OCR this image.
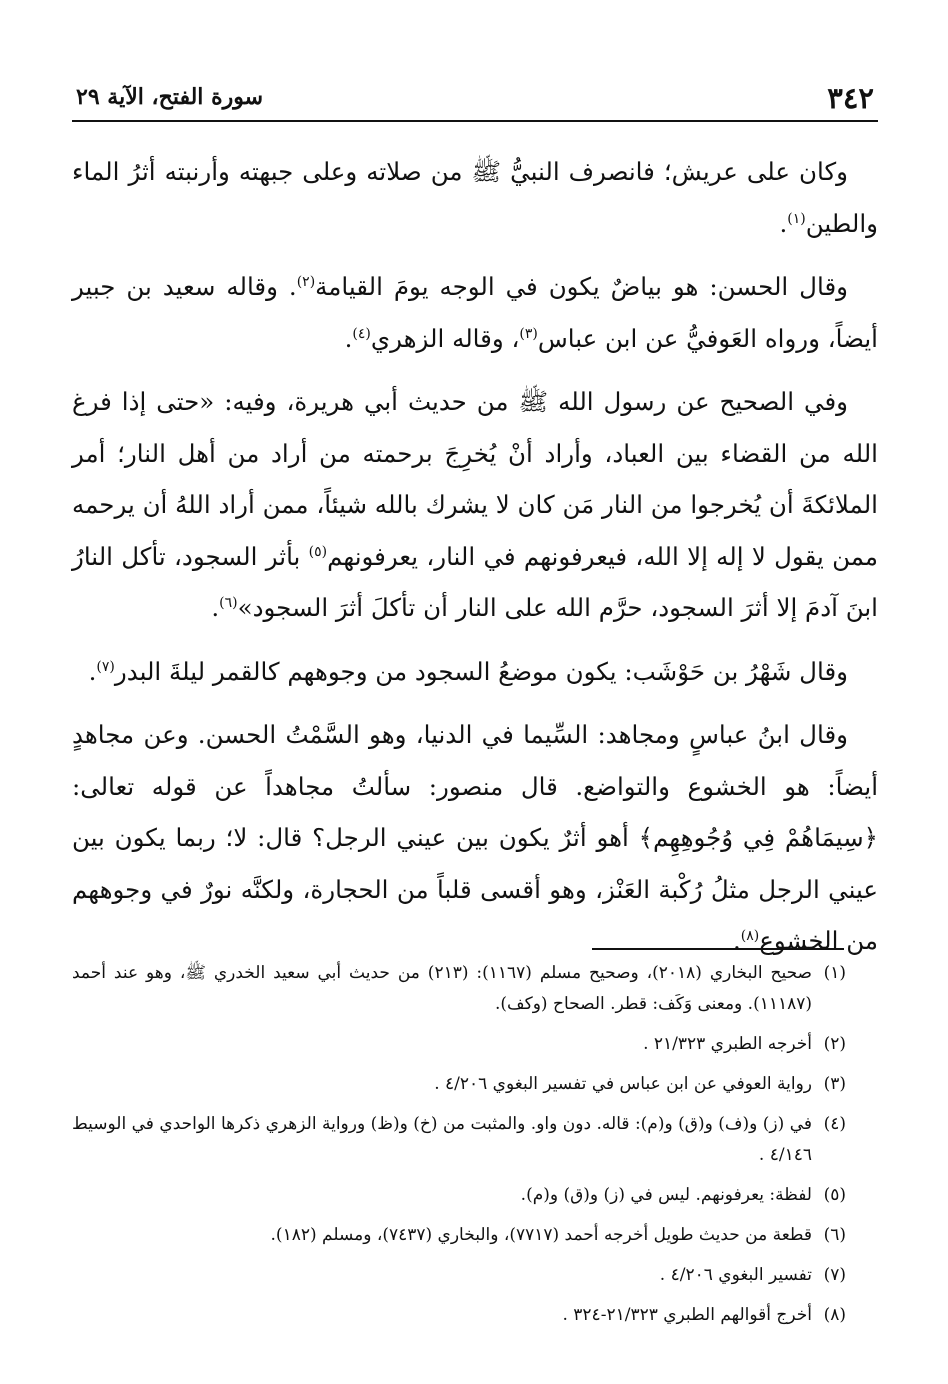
٣٤٢
سورة الفتح، الآية ٢٩

وكان على عريش؛ فانصرف النبيُّ ﷺ من صلاته وعلى جبهته وأرنبته أثرُ الماء والطين$^{(١)}$.

وقال الحسن: هو بياضٌ يكون في الوجه يومَ القيامة$^{(٢)}$. وقاله سعيد بن جبير أيضاً، ورواه العَوفيُّ عن ابن عباس$^{(٣)}$، وقاله الزهري$^{(٤)}$.

وفي الصحيح عن رسول الله ﷺ من حديث أبي هريرة، وفيه: «حتى إذا فرغ الله من القضاء بين العباد، وأراد أنْ يُخرِجَ برحمته من أراد من أهل النار؛ أمر الملائكةَ أن يُخرجوا من النار مَن كان لا يشرك بالله شيئاً، ممن أراد اللهُ أن يرحمه ممن يقول لا إله إلا الله، فيعرفونهم في النار، يعرفونهم$^{(٥)}$ بأثر السجود، تأكل النارُ ابنَ آدمَ إلا أثرَ السجود، حرَّم الله على النار أن تأكلَ أثرَ السجود»$^{(٦)}$.

وقال شَهْرُ بن حَوْشَب: يكون موضعُ السجود من وجوههم كالقمر ليلةَ البدر$^{(٧)}$.

وقال ابنُ عباسٍ ومجاهد: السِّيما في الدنيا، وهو السَّمْتُ الحسن. وعن مجاهدٍ أيضاً: هو الخشوع والتواضع. قال منصور: سألتُ مجاهداً عن قوله تعالى: ﴿سِيمَاهُمْ فِي وُجُوهِهِم﴾ أهو أثرٌ يكون بين عيني الرجل؟ قال: لا؛ ربما يكون بين عيني الرجل مثلُ رُكْبة العَنْز، وهو أقسى قلباً من الحجارة، ولكنَّه نورٌ في وجوههم من الخشوع$^{(٨)}$.

(١)صحيح البخاري (٢٠١٨)، وصحيح مسلم (١١٦٧): (٢١٣) من حديث أبي سعيد الخدري ﷺ، وهو عند أحمد (١١١٨٧). ومعنى وَكَف: قطر. الصحاح (وكف).
(٢)أخرجه الطبري ٢١/٣٢٣ .
(٣)رواية العوفي عن ابن عباس في تفسير البغوي ٤/٢٠٦ .
(٤)في (ز) و(ف) و(ق) و(م): قاله. دون واو. والمثبت من (خ) و(ظ) ورواية الزهري ذكرها الواحدي في الوسيط ٤/١٤٦ .
(٥)لفظة: يعرفونهم. ليس في (ز) و(ق) و(م).
(٦)قطعة من حديث طويل أخرجه أحمد (٧٧١٧)، والبخاري (٧٤٣٧)، ومسلم (١٨٢).
(٧)تفسير البغوي ٤/٢٠٦ .
(٨)أخرج أقوالهم الطبري ٢١/٣٢٣-٣٢٤ .
